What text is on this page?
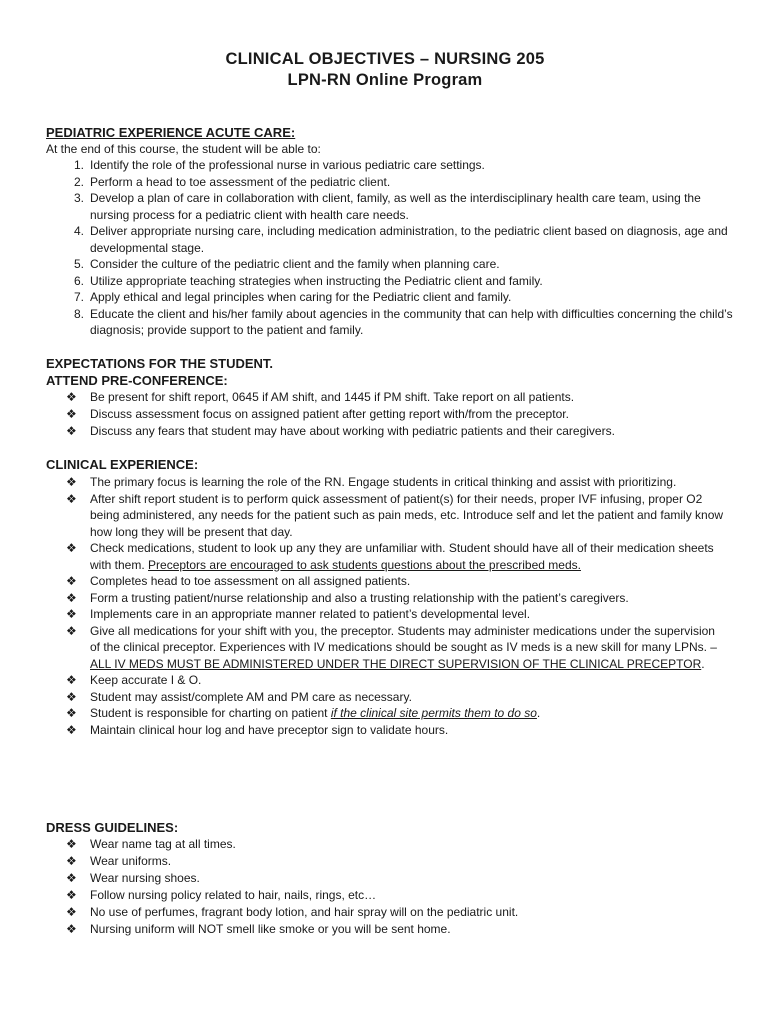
CLINICAL OBJECTIVES – NURSING 205
LPN-RN Online Program
PEDIATRIC EXPERIENCE ACUTE CARE:
At the end of this course, the student will be able to:
1. Identify the role of the professional nurse in various pediatric care settings.
2. Perform a head to toe assessment of the pediatric client.
3. Develop a plan of care in collaboration with client, family, as well as the interdisciplinary health care team, using the nursing process for a pediatric client with health care needs.
4. Deliver appropriate nursing care, including medication administration, to the pediatric client based on diagnosis, age and developmental stage.
5. Consider the culture of the pediatric client and the family when planning care.
6. Utilize appropriate teaching strategies when instructing the Pediatric client and family.
7. Apply ethical and legal principles when caring for the Pediatric client and family.
8. Educate the client and his/her family about agencies in the community that can help with difficulties concerning the child’s diagnosis; provide support to the patient and family.
EXPECTATIONS FOR THE STUDENT.
ATTEND PRE-CONFERENCE:
❖	Be present for shift report, 0645 if AM shift, and 1445 if PM shift. Take report on all patients.
❖	Discuss assessment focus on assigned patient after getting report with/from the preceptor.
❖	Discuss any fears that student may have about working with pediatric patients and their caregivers.
CLINICAL EXPERIENCE:
❖	The primary focus is learning the role of the RN. Engage students in critical thinking and assist with prioritizing.
❖	After shift report student is to perform quick assessment of patient(s) for their needs, proper IVF infusing, proper O2 being administered, any needs for the patient such as pain meds, etc. Introduce self and let the patient and family know how long they will be present that day.
❖	Check medications, student to look up any they are unfamiliar with. Student should have all of their medication sheets with them. Preceptors are encouraged to ask students questions about the prescribed meds.
❖	Completes head to toe assessment on all assigned patients.
❖	Form a trusting patient/nurse relationship and also a trusting relationship with the patient’s caregivers.
❖	Implements care in an appropriate manner related to patient’s developmental level.
❖	Give all medications for your shift with you, the preceptor. Students may administer medications under the supervision of the clinical preceptor. Experiences with IV medications should be sought as IV meds is a new skill for many LPNs. – ALL IV MEDS MUST BE ADMINISTERED UNDER THE DIRECT SUPERVISION OF THE CLINICAL PRECEPTOR.
❖	Keep accurate I & O.
❖	Student may assist/complete AM and PM care as necessary.
❖	Student is responsible for charting on patient if the clinical site permits them to do so.
❖	Maintain clinical hour log and have preceptor sign to validate hours.
DRESS GUIDELINES:
❖	Wear name tag at all times.
❖	Wear uniforms.
❖	Wear nursing shoes.
❖	Follow nursing policy related to hair, nails, rings, etc…
❖	No use of perfumes, fragrant body lotion, and hair spray will on the pediatric unit.
❖	Nursing uniform will NOT smell like smoke or you will be sent home.
